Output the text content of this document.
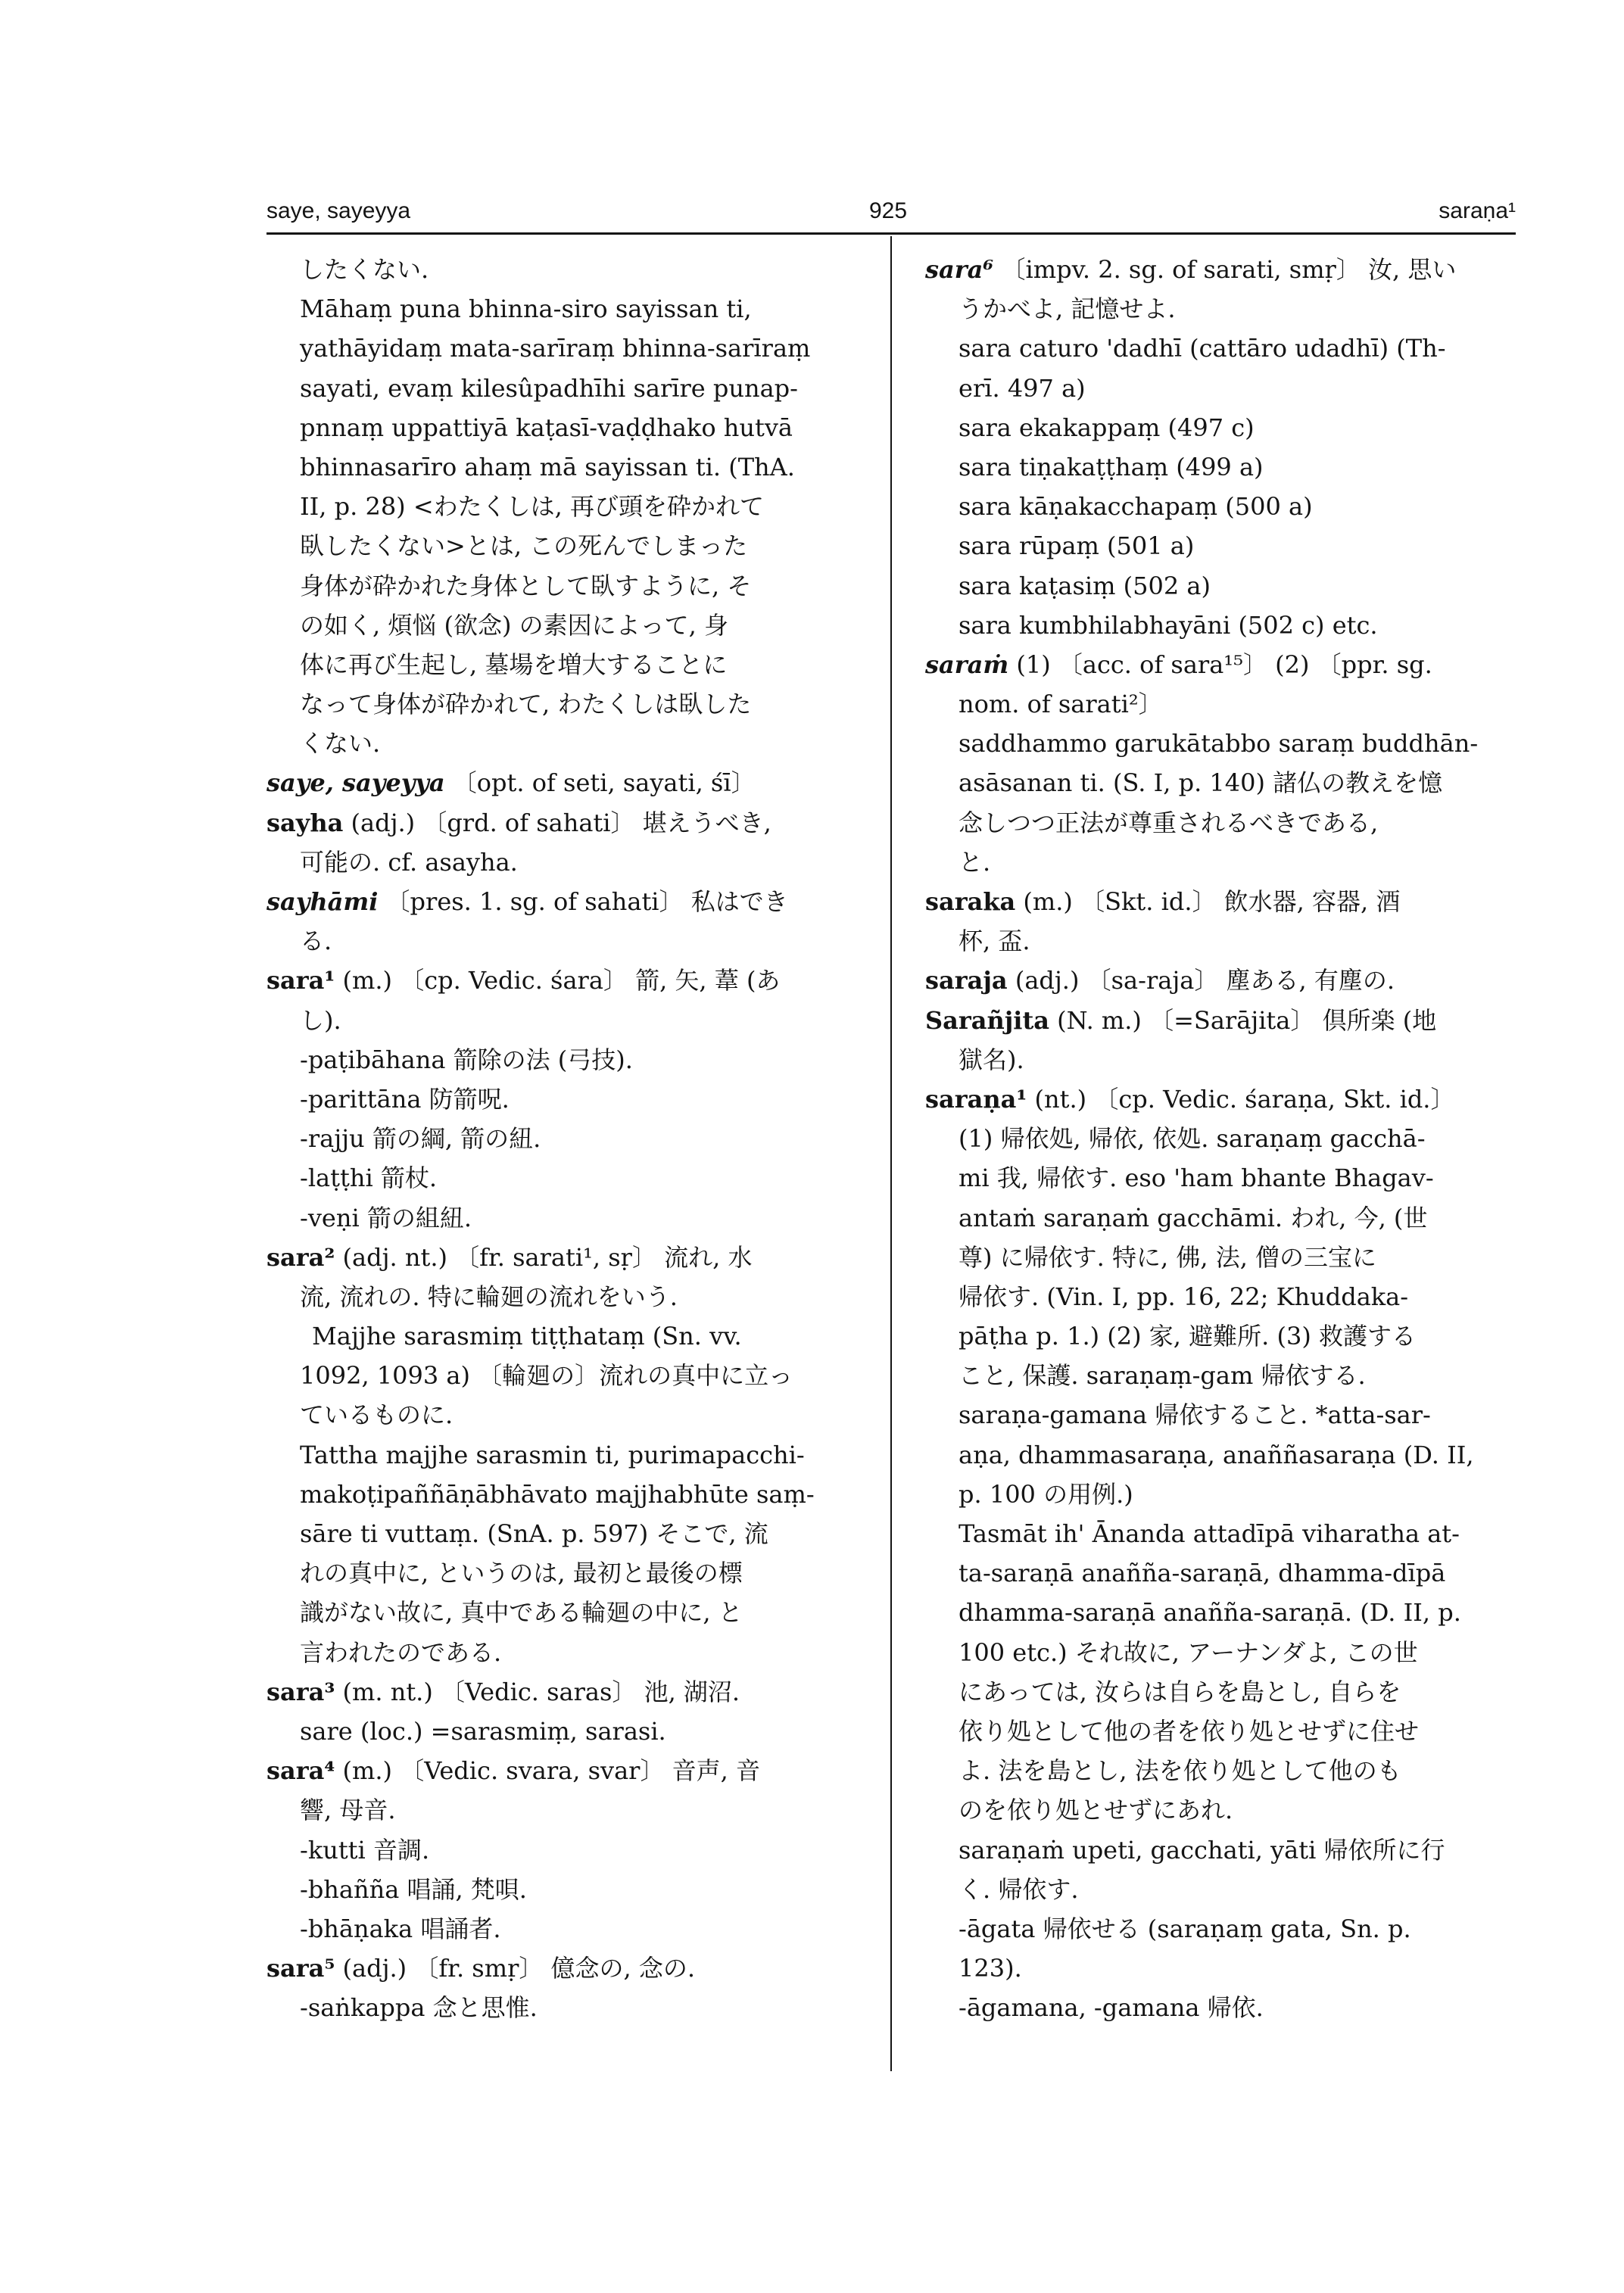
saye, sayeyya	925	saraṇa¹
したくない.
Māhaṃ puna bhinna-siro sayissan ti,
yathāyidaṃ mata-sarīraṃ bhinna-sarīraṃ
sayati, evaṃ kilesûpadhīhi sarīre punap-
pnnaṃ uppattiyā kaṭasī-vaḍḍhako hutvā
bhinnasarīro ahaṃ mā sayissan ti. (ThA.
II, p. 28) <わたくしは, 再び頭を砕かれて
臥したくない>とは, この死んでしまった
身体が砕かれた身体として臥すように, そ
の如く, 煩悩 (欲念) の素因によって, 身
体に再び生起し, 墓場を増大することに
なって身体が砕かれて, わたくしは臥した
くない.
saye, sayeyya 〔opt. of seti, sayati, śī〕
sayha (adj.) 〔grd. of sahati〕 堪えうべき,
可能の. cf. asayha.
sayhāmi 〔pres. 1. sg. of sahati〕 私はでき
る.
sara¹ (m.) 〔cp. Vedic. śara〕 箭, 矢, 葦 (あ
し).
-paṭibāhana 箭除の法 (弓技).
-parittāna 防箭呪.
-rajju 箭の綱, 箭の紐.
-laṭṭhi 箭杖.
-veṇi 箭の組紐.
sara² (adj. nt.) 〔fr. sarati¹, sṛ〕 流れ, 水
流, 流れの. 特に輪廻の流れをいう.
Majjhe sarasmiṃ tiṭṭhataṃ (Sn. vv.
1092, 1093 a) 〔輪廻の〕流れの真中に立っ
ているものに.
Tattha majjhe sarasmin ti, purimapacchi-
makoṭipaññāṇābhāvato majjhabhūte saṃ-
sāre ti vuttaṃ. (SnA. p. 597) そこで, 流
れの真中に, というのは, 最初と最後の標
識がない故に, 真中である輪廻の中に, と
言われたのである.
sara³ (m. nt.) 〔Vedic. saras〕 池, 湖沼.
sare (loc.) =sarasmiṃ, sarasi.
sara⁴ (m.) 〔Vedic. svara, svar〕 音声, 音
響, 母音.
-kutti 音調.
-bhañña 唱誦, 梵唄.
-bhāṇaka 唱誦者.
sara⁵ (adj.) 〔fr. smṛ〕 億念の, 念の.
-saṅkappa 念と思惟.
sara⁶ 〔impv. 2. sg. of sarati, smṛ〕 汝, 思い
うかべよ, 記憶せよ.
sara caturo 'dadhī (cattāro udadhī) (Th-
erī. 497 a)
sara ekakappaṃ (497 c)
sara tiṇakaṭṭhaṃ (499 a)
sara kāṇakacchapaṃ (500 a)
sara rūpaṃ (501 a)
sara kaṭasiṃ (502 a)
sara kumbhilabhayāni (502 c) etc.
saraṁ (1) 〔acc. of sara¹⁵〕 (2) 〔ppr. sg.
nom. of sarati²〕
saddhammo garukātabbo saraṃ buddhān-
asāsanan ti. (S. I, p. 140) 諸仏の教えを憶
念しつつ正法が尊重されるべきである,
と.
saraka (m.) 〔Skt. id.〕 飲水器, 容器, 酒
杯, 盃.
saraja (adj.) 〔sa-raja〕 塵ある, 有塵の.
Sarañjita (N. m.) 〔=Sarājita〕 倶所楽 (地
獄名).
saraṇa¹ (nt.) 〔cp. Vedic. śaraṇa, Skt. id.〕
(1) 帰依処, 帰依, 依処. saraṇaṃ gacchā-
mi 我, 帰依す. eso 'ham bhante Bhagav-
antaṁ saraṇaṁ gacchāmi. われ, 今, (世
尊) に帰依す. 特に, 佛, 法, 僧の三宝に
帰依す. (Vin. I, pp. 16, 22; Khuddaka-
pāṭha p. 1.) (2) 家, 避難所. (3) 救護する
こと, 保護. saraṇaṃ-gam 帰依する.
saraṇa-gamana 帰依すること. *atta-sar-
aṇa, dhammasaraṇa, anaññasaraṇa (D. II,
p. 100 の用例.)
Tasmāt ih' Ānanda attadīpā viharatha at-
ta-saraṇā anañña-saraṇā, dhamma-dīpā
dhamma-saraṇā anañña-saraṇā. (D. II, p.
100 etc.) それ故に, アーナンダよ, この世
にあっては, 汝らは自らを島とし, 自らを
依り処として他の者を依り処とせずに住せ
よ. 法を島とし, 法を依り処として他のも
のを依り処とせずにあれ.
saraṇaṁ upeti, gacchati, yāti 帰依所に行
く. 帰依す.
-āgata 帰依せる (saraṇaṃ gata, Sn. p.
123).
-āgamana, -gamana 帰依.
